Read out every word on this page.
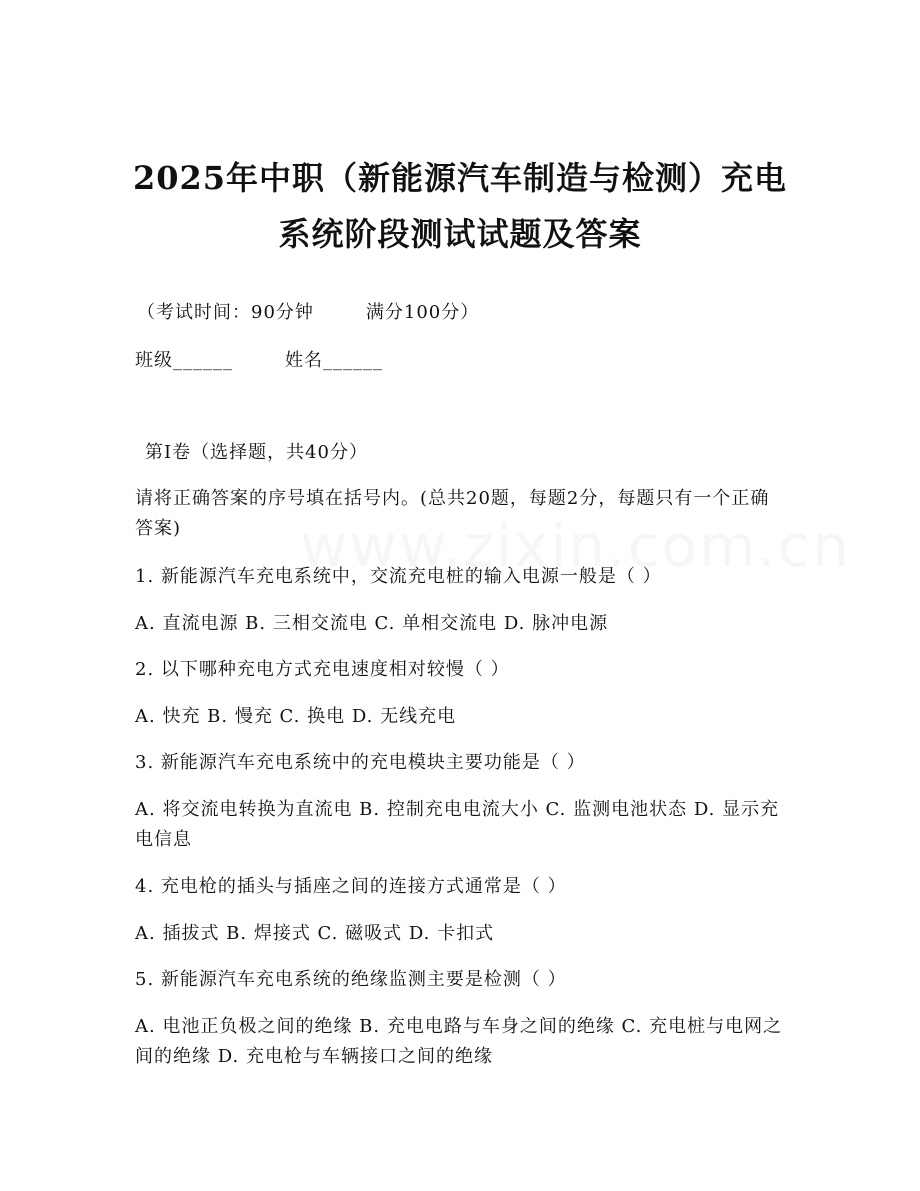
2025年中职（新能源汽车制造与检测）充电
系统阶段测试试题及答案
（考试时间：90分钟	满分100分）
班级______	姓名______
第Ⅰ卷（选择题，共40分）
请将正确答案的序号填在括号内。(总共20题，每题2分，每题只有一个正确答案)
1. 新能源汽车充电系统中，交流充电桩的输入电源一般是（ ）
A. 直流电源 B. 三相交流电 C. 单相交流电 D. 脉冲电源
2. 以下哪种充电方式充电速度相对较慢（ ）
A. 快充 B. 慢充 C. 换电 D. 无线充电
3. 新能源汽车充电系统中的充电模块主要功能是（ ）
A. 将交流电转换为直流电 B. 控制充电电流大小 C. 监测电池状态 D. 显示充电信息
4. 充电枪的插头与插座之间的连接方式通常是（ ）
A. 插拔式 B. 焊接式 C. 磁吸式 D. 卡扣式
5. 新能源汽车充电系统的绝缘监测主要是检测（ ）
A. 电池正负极之间的绝缘 B. 充电电路与车身之间的绝缘 C. 充电桩与电网之间的绝缘 D. 充电枪与车辆接口之间的绝缘
